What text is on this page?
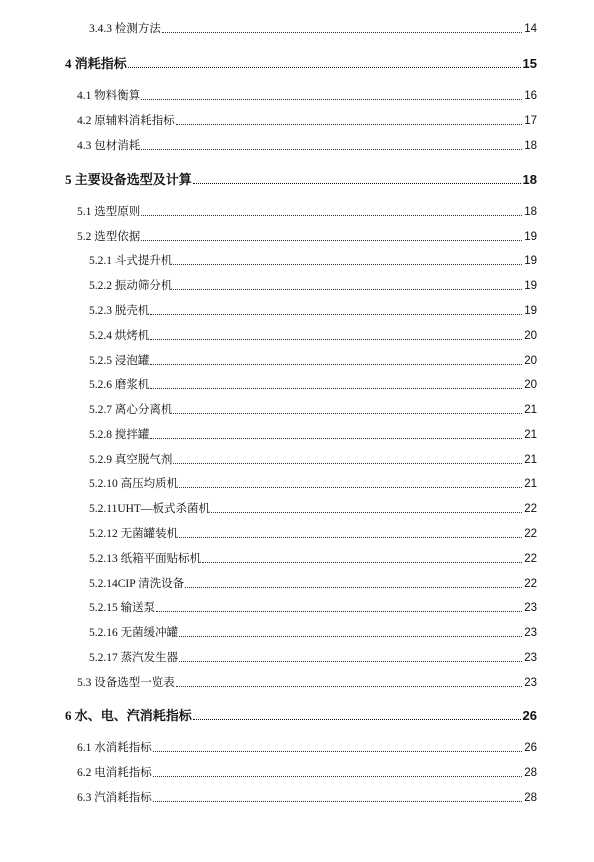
3.4.3 检测方法	14
4 消耗指标	15
4.1 物料衡算	16
4.2 原辅料消耗指标	17
4.3 包材消耗	18
5 主要设备选型及计算	18
5.1 选型原则	18
5.2 选型依据	19
5.2.1 斗式提升机	19
5.2.2 振动筛分机	19
5.2.3 脱壳机	19
5.2.4 烘烤机	20
5.2.5 浸泡罐	20
5.2.6 磨浆机	20
5.2.7 离心分离机	21
5.2.8 搅拌罐	21
5.2.9 真空脱气剂	21
5.2.10 高压均质机	21
5.2.11UHT—板式杀菌机	22
5.2.12 无菌罐装机	22
5.2.13 纸箱平面贴标机	22
5.2.14CIP 清洗设备	22
5.2.15 输送泵	23
5.2.16 无菌缓冲罐	23
5.2.17 蒸汽发生器	23
5.3 设备选型一览表	23
6 水、电、汽消耗指标	26
6.1 水消耗指标	26
6.2 电消耗指标	28
6.3 汽消耗指标	28
